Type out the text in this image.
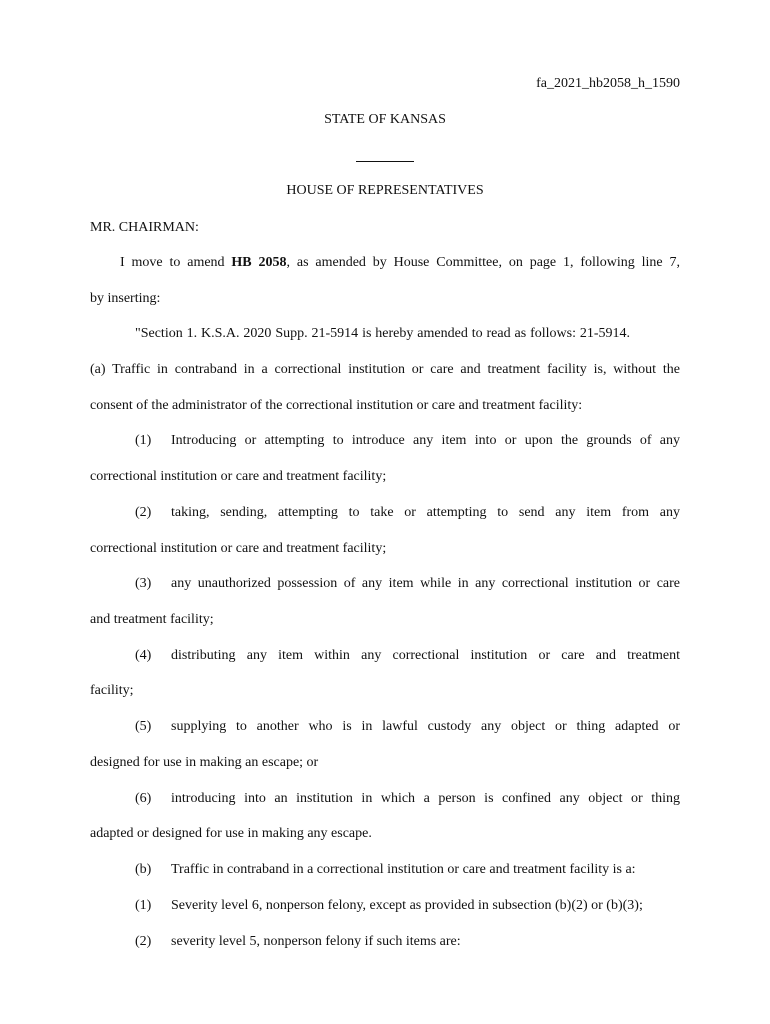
fa_2021_hb2058_h_1590
STATE OF KANSAS
HOUSE OF REPRESENTATIVES
MR. CHAIRMAN:
I move to amend HB 2058, as amended by House Committee, on page 1, following line 7,
by inserting:
"Section 1. K.S.A. 2020 Supp. 21-5914 is hereby amended to read as follows: 21-5914.
(a) Traffic in contraband in a correctional institution or care and treatment facility is, without the
consent of the administrator of the correctional institution or care and treatment facility:
(1) Introducing or attempting to introduce any item into or upon the grounds of any
correctional institution or care and treatment facility;
(2) taking, sending, attempting to take or attempting to send any item from any
correctional institution or care and treatment facility;
(3) any unauthorized possession of any item while in any correctional institution or care
and treatment facility;
(4) distributing any item within any correctional institution or care and treatment
facility;
(5) supplying to another who is in lawful custody any object or thing adapted or
designed for use in making an escape; or
(6) introducing into an institution in which a person is confined any object or thing
adapted or designed for use in making any escape.
(b) Traffic in contraband in a correctional institution or care and treatment facility is a:
(1) Severity level 6, nonperson felony, except as provided in subsection (b)(2) or (b)(3);
(2) severity level 5, nonperson felony if such items are:
